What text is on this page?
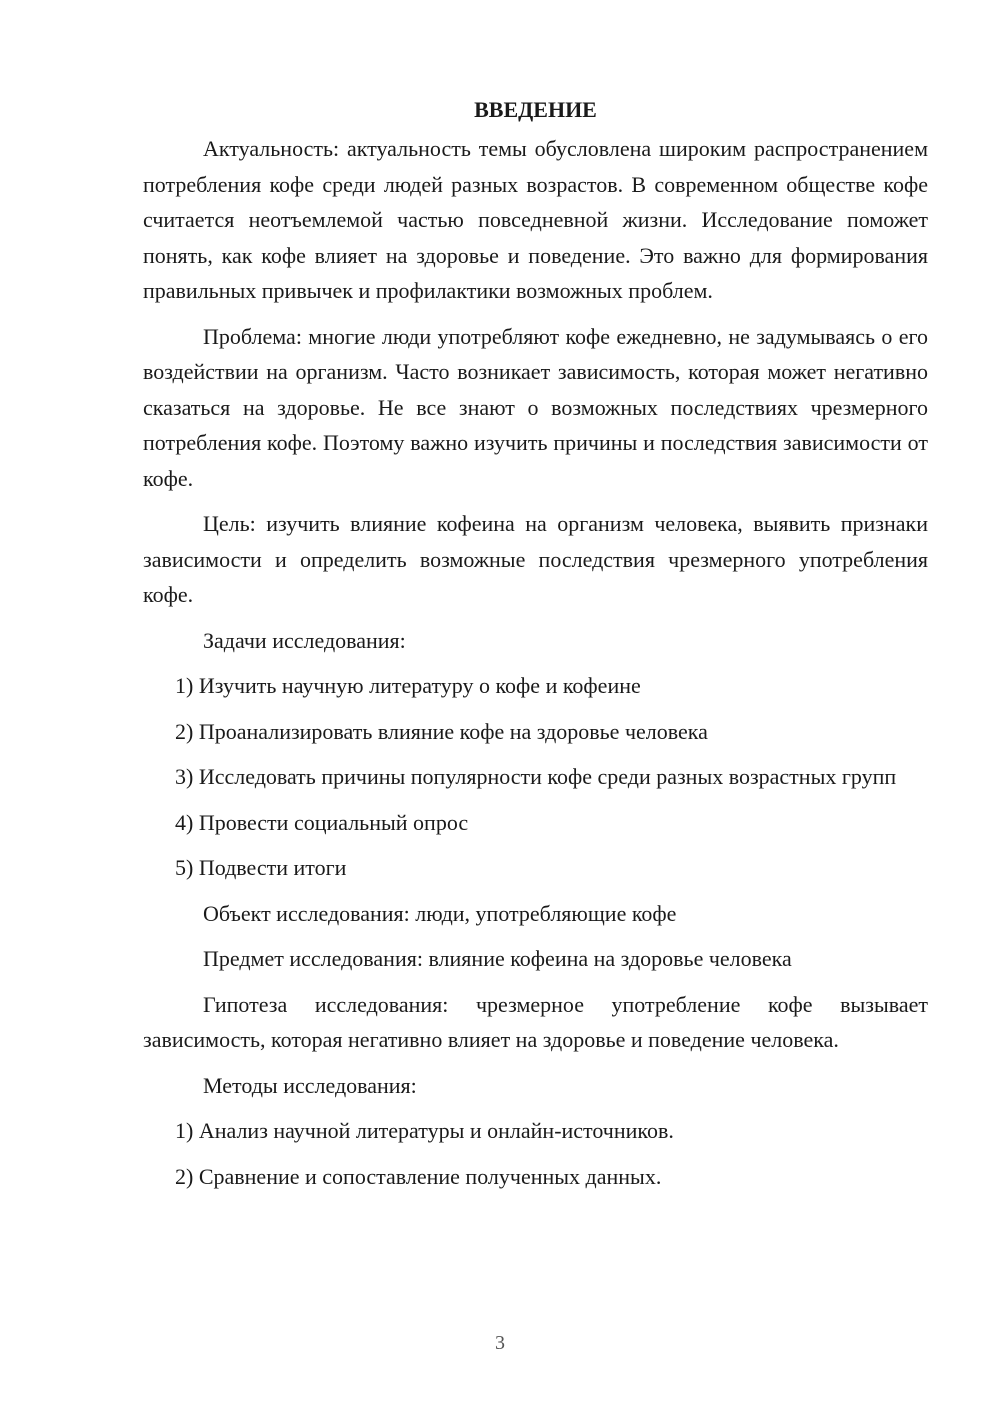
ВВЕДЕНИЕ

Актуальность: актуальность темы обусловлена широким распространением потребления кофе среди людей разных возрастов. В современном обществе кофе считается неотъемлемой частью повседневной жизни. Исследование поможет понять, как кофе влияет на здоровье и поведение. Это важно для формирования правильных привычек и профилактики возможных проблем.

Проблема: многие люди употребляют кофе ежедневно, не задумываясь о его воздействии на организм. Часто возникает зависимость, которая может негативно сказаться на здоровье. Не все знают о возможных последствиях чрезмерного потребления кофе. Поэтому важно изучить причины и последствия зависимости от кофе.

Цель: изучить влияние кофеина на организм человека, выявить признаки зависимости и определить возможные последствия чрезмерного употребления кофе.

Задачи исследования:

1) Изучить научную литературу о кофе и кофеине

2) Проанализировать влияние кофе на здоровье человека

3) Исследовать причины популярности кофе среди разных возрастных групп

4) Провести социальный опрос

5) Подвести итоги

Объект исследования: люди, употребляющие кофе

Предмет исследования: влияние кофеина на здоровье человека

Гипотеза исследования: чрезмерное употребление кофе вызывает зависимость, которая негативно влияет на здоровье и поведение человека.

Методы исследования:

1) Анализ научной литературы и онлайн-источников.

2) Сравнение и сопоставление полученных данных.

3
